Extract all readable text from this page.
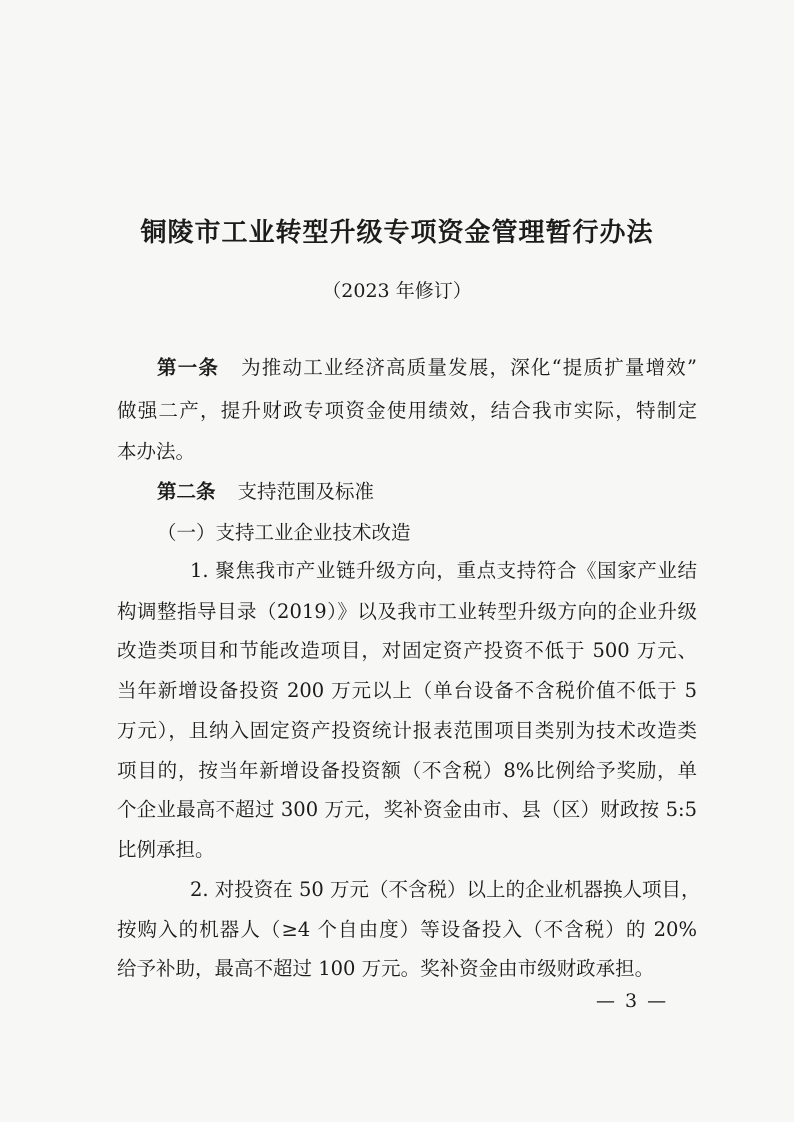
铜陵市工业转型升级专项资金管理暂行办法
（2023 年修订）
第一条 为推动工业经济高质量发展，深化“提质扩量增效”
做强二产，提升财政专项资金使用绩效，结合我市实际，特制定
本办法。
第二条 支持范围及标准
（一）支持工业企业技术改造
1. 聚焦我市产业链升级方向，重点支持符合《国家产业结
构调整指导目录（2019）》以及我市工业转型升级方向的企业升级
改造类项目和节能改造项目，对固定资产投资不低于 500 万元、
当年新增设备投资 200 万元以上（单台设备不含税价值不低于 5
万元），且纳入固定资产投资统计报表范围项目类别为技术改造类
项目的，按当年新增设备投资额（不含税）8%比例给予奖励，单
个企业最高不超过 300 万元，奖补资金由市、县（区）财政按 5:5
比例承担。
2. 对投资在 50 万元（不含税）以上的企业机器换人项目，
按购入的机器人（≥4 个自由度）等设备投入（不含税）的 20%
给予补助，最高不超过 100 万元。奖补资金由市级财政承担。
— 3 —
